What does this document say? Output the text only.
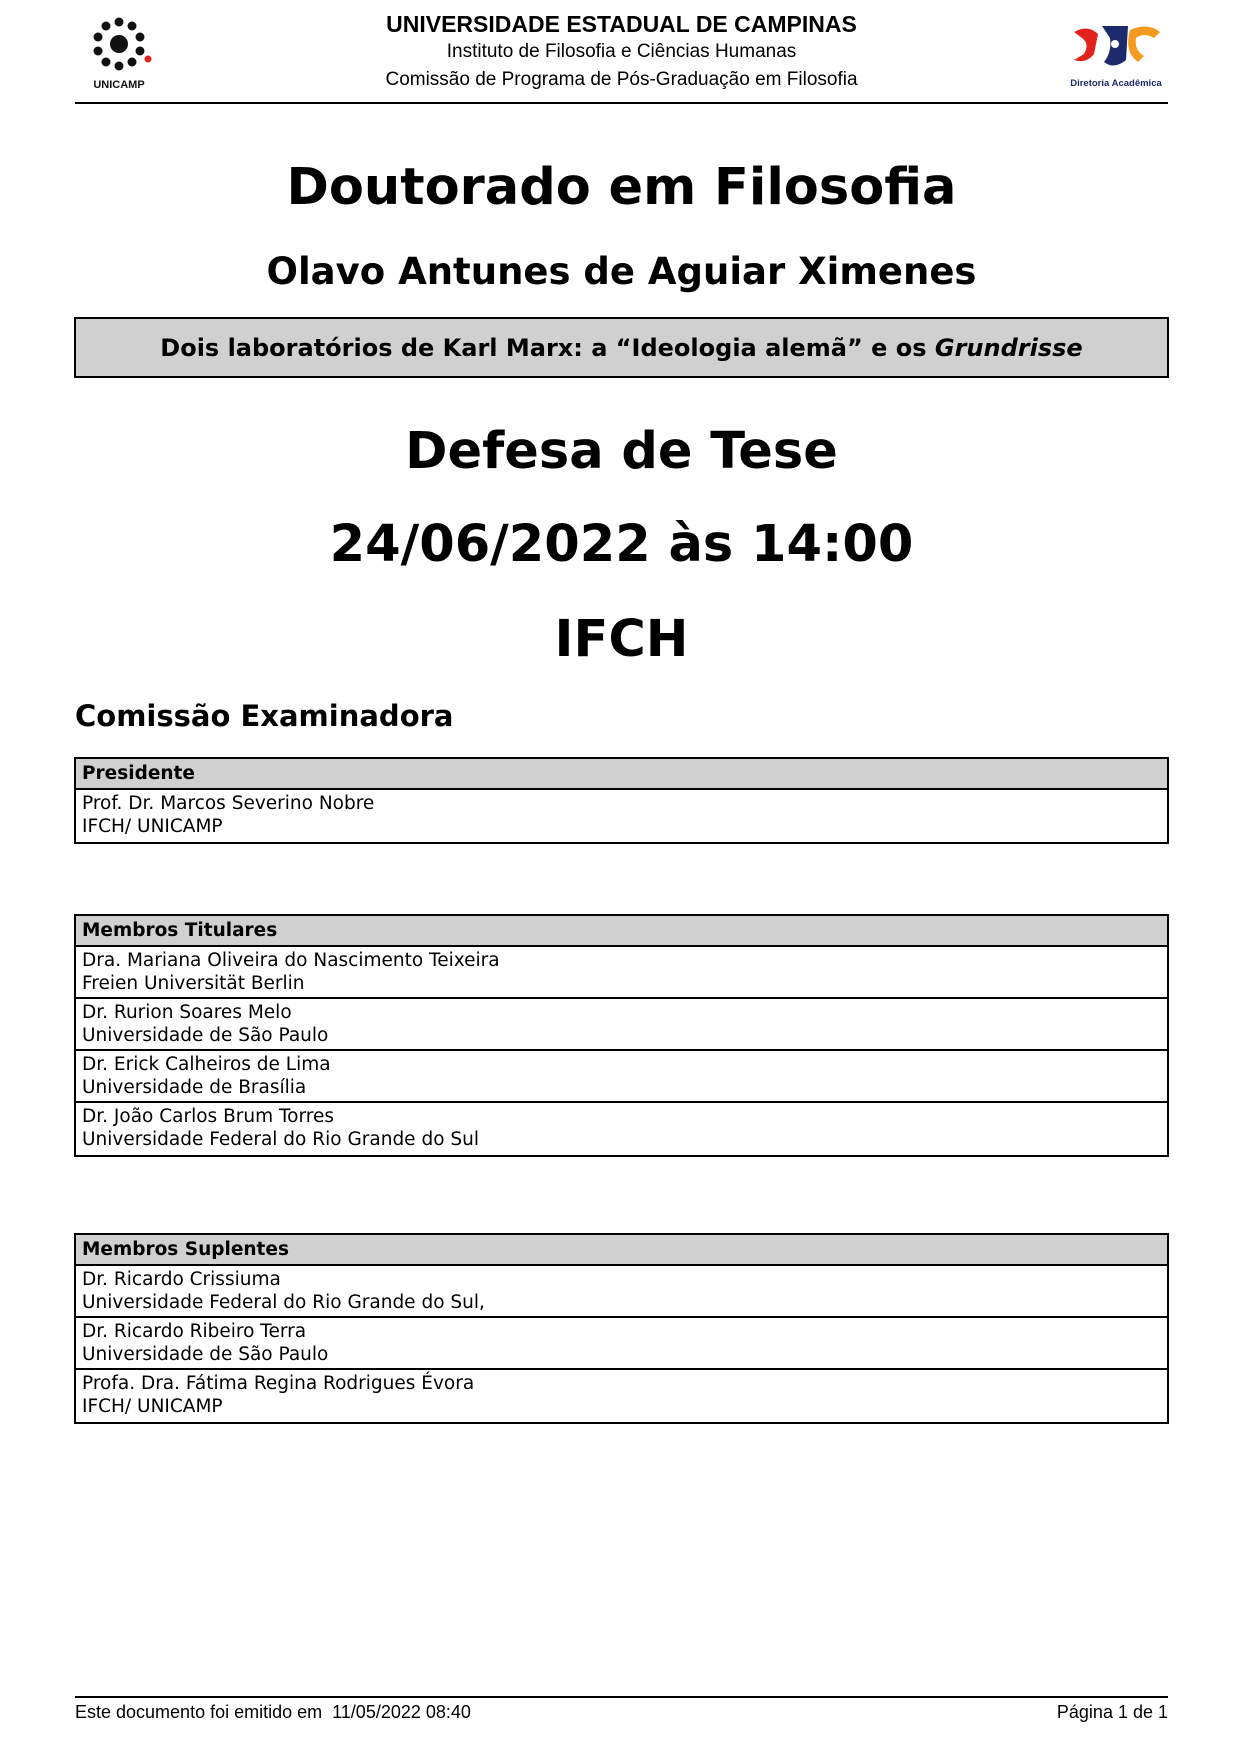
UNICAMP
UNIVERSIDADE ESTADUAL DE CAMPINAS
Instituto de Filosofia e Ciências Humanas
Comissão de Programa de Pós-Graduação em Filosofia	Diretoria Acadêmica
Doutorado em Filosofia
Olavo Antunes de Aguiar Ximenes
Dois laboratórios de Karl Marx: a “Ideologia alemã” e os Grundrisse
Defesa de Tese
24/06/2022 às 14:00
IFCH
Comissão Examinadora
Presidente
Prof. Dr. Marcos Severino Nobre
IFCH/ UNICAMP
Membros Titulares
Dra. Mariana Oliveira do Nascimento Teixeira
Freien Universität Berlin
Dr. Rurion Soares Melo
Universidade de São Paulo
Dr. Erick Calheiros de Lima
Universidade de Brasília
Dr. João Carlos Brum Torres
Universidade Federal do Rio Grande do Sul
Membros Suplentes
Dr. Ricardo Crissiuma
Universidade Federal do Rio Grande do Sul,
Dr. Ricardo Ribeiro Terra
Universidade de São Paulo
Profa. Dra. Fátima Regina Rodrigues Évora
IFCH/ UNICAMP
Este documento foi emitido em  11/05/2022 08:40	Página 1 de 1
